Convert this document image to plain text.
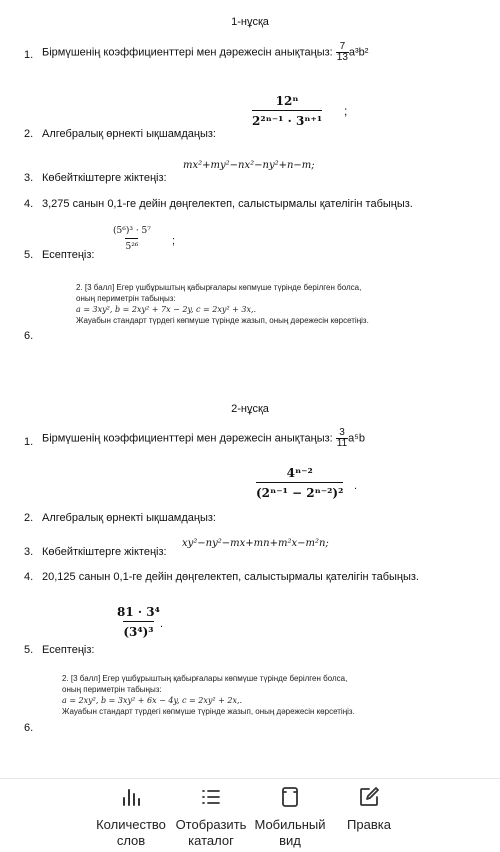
1-нұсқа
1. Бірмүшенің коэффициенттері мен дәрежесін анықтаңыз: $\frac{7}{13} a^3b^2$
$\frac{\text{12ⁿ}}{\text{2²ⁿ⁻¹ · 3ⁿ⁺¹}}$ ;
2. Алгебралық өрнекті ықшамдаңыз:
mx²+my²−nx²−ny²+n−m;
3. Көбейткіштерге жіктеңіз:
4. 3,275 санын 0,1-ге дейін дөңгелектеп, салыстырмалы қателігін табыңыз.
$\frac{\text{(5⁶)³ · 5⁷}}{\text{5²⁶}}$ ;
5. Есептеңіз:
2. [3 балл] Егер үшбұрыштың қабырғалары көпмүше түрінде берілген болса,
оның периметрін табыңыз:
a = 3xy², b = 2xy² + 7x − 2y, c = 2xy² + 3x,.
Жауабын стандарт түрдегі көпмүше түрінде жазып, оның дәрежесін көрсетіңіз.
6.
2-нұсқа
1. Бірмүшенің коэффициенттері мен дәрежесін анықтаңыз: $\frac{3}{11} a^5b$
$\frac{\text{4ⁿ⁻²}}{\text{(2ⁿ⁻¹ − 2ⁿ⁻²)²}}$ .
2. Алгебралық өрнекті ықшамдаңыз:
xy²−ny²−mx+mn+m²x−m²n;
3. Көбейткіштерге жіктеңіз:
4. 20,125 санын 0,1-ге дейін дөңгелектеп, салыстырмалы қателігін табыңыз.
$\frac{\text{81 · 3⁴}}{\text{(3⁴)³}}$ .
5. Есептеңіз:
2. [3 балл] Егер үшбұрыштың қабырғалары көпмүше түрінде берілген болса,
оның периметрін табыңыз:
a = 2xy², b = 3xy² + 6x − 4y, c = 2xy² + 2x,.
Жауабын стандарт түрдегі көпмүше түрінде жазып, оның дәрежесін көрсетіңіз.
6.
Количество
слов
Отобразить
каталог
Мобильный
вид
Правка
